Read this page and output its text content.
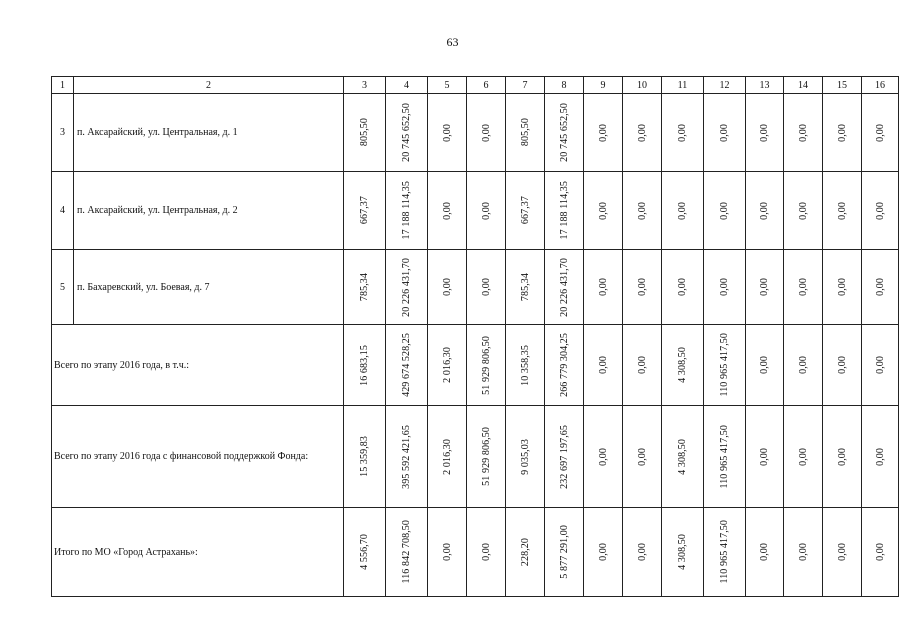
63
1	2	3	4	5	6	7	8	9	10	11	12	13	14	15	16
3	п. Аксарайский, ул. Центральная, д. 1	805,50	20 745 652,50	0,00	0,00	805,50	20 745 652,50	0,00	0,00	0,00	0,00	0,00	0,00	0,00	0,00

4	п. Аксарайский, ул. Центральная, д. 2	667,37	17 188 114,35	0,00	0,00	667,37	17 188 114,35	0,00	0,00	0,00	0,00	0,00	0,00	0,00	0,00

5	п. Бахаревский, ул. Боевая, д. 7	785,34	20 226 431,70	0,00	0,00	785,34	20 226 431,70	0,00	0,00	0,00	0,00	0,00	0,00	0,00	0,00

Всего по этапу 2016 года, в т.ч.:		16 683,15	429 674 528,25	2 016,30	51 929 806,50	10 358,35	266 779 304,25	0,00	0,00	4 308,50	110 965 417,50	0,00	0,00	0,00	0,00

Всего по этапу 2016 года с финансовой поддержкой Фонда:		15 359,83	395 592 421,65	2 016,30	51 929 806,50	9 035,03	232 697 197,65	0,00	0,00	4 308,50	110 965 417,50	0,00	0,00	0,00	0,00

Итого по МО «Город Астрахань»:		4 556,70	116 842 708,50	0,00	0,00	228,20	5 877 291,00	0,00	0,00	4 308,50	110 965 417,50	0,00	0,00	0,00	0,00
